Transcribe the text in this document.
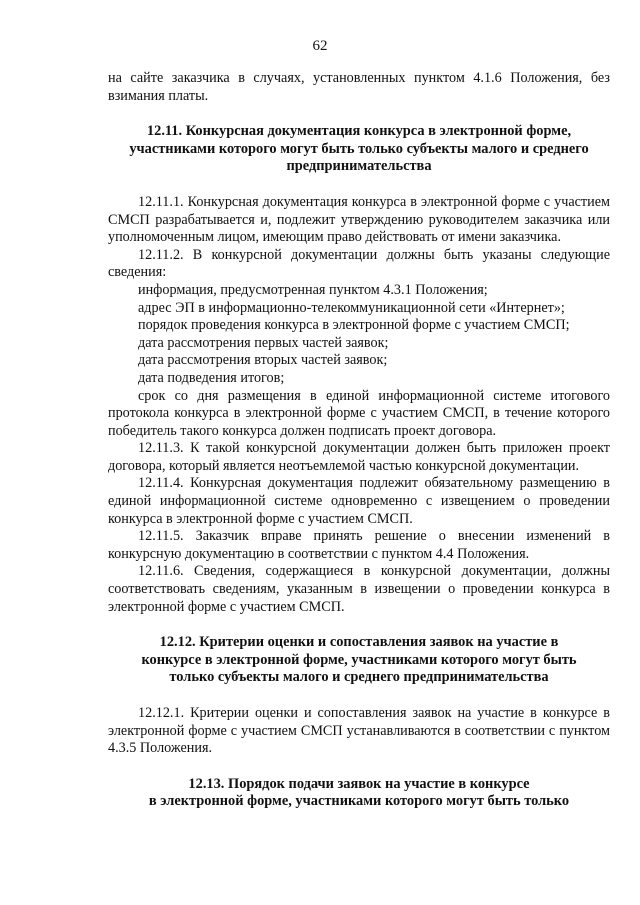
62

на сайте заказчика в случаях, установленных пунктом 4.1.6 Положения, без взимания платы.

12.11. Конкурсная документация конкурса в электронной форме, участниками которого могут быть только субъекты малого и среднего предпринимательства

12.11.1. Конкурсная документация конкурса в электронной форме с участием СМСП разрабатывается и, подлежит утверждению руководителем заказчика или уполномоченным лицом, имеющим право действовать от имени заказчика.

12.11.2. В конкурсной документации должны быть указаны следующие сведения:

информация, предусмотренная пунктом 4.3.1 Положения;

адрес ЭП в информационно-телекоммуникационной сети «Интернет»;

порядок проведения конкурса в электронной форме с участием СМСП;

дата рассмотрения первых частей заявок;

дата рассмотрения вторых частей заявок;

дата подведения итогов;

срок со дня размещения в единой информационной системе итогового протокола конкурса в электронной форме с участием СМСП, в течение которого победитель такого конкурса должен подписать проект договора.

12.11.3. К такой конкурсной документации должен быть приложен проект договора, который является неотъемлемой частью конкурсной документации.

12.11.4. Конкурсная документация подлежит обязательному размещению в единой информационной системе одновременно с извещением о проведении конкурса в электронной форме с участием СМСП.

12.11.5. Заказчик вправе принять решение о внесении изменений в конкурсную документацию в соответствии с пунктом 4.4 Положения.

12.11.6. Сведения, содержащиеся в конкурсной документации, должны соответствовать сведениям, указанным в извещении о проведении конкурса в электронной форме с участием СМСП.

12.12. Критерии оценки и сопоставления заявок на участие в
конкурсе в электронной форме, участниками которого могут быть
только субъекты малого и среднего предпринимательства

12.12.1. Критерии оценки и сопоставления заявок на участие в конкурсе в электронной форме с участием СМСП устанавливаются в соответствии с пунктом 4.3.5 Положения.

12.13. Порядок подачи заявок на участие в конкурсе
в электронной форме, участниками которого могут быть только
